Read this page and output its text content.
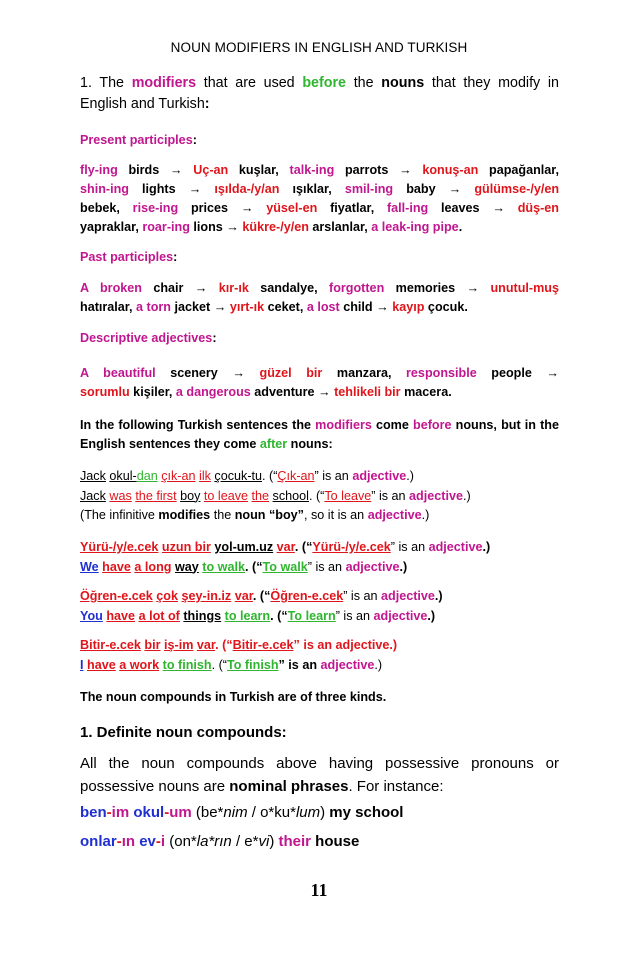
NOUN MODIFIERS IN ENGLISH AND TURKISH
1. The modifiers that are used before the nouns that they modify in English and Turkish:
Present participles:
fly-ing birds → Uç-an kuşlar, talk-ing parrots → konuş-an papağanlar,
shin-ing lights → ışılda-/y/an ışıklar, smil-ing baby → gülümse-/y/en
bebek, rise-ing prices → yüsel-en fiyatlar, fall-ing leaves → düş-en
yapraklar, roar-ing lions → kükre-/y/en arslanlar, a leak-ing pipe.
Past participles:
A broken chair → kır-ık sandalye, forgotten memories → unutul-muş
hatıralar, a torn jacket → yırt-ık ceket, a lost child → kayıp çocuk.
Descriptive adjectives:
A beautiful scenery → güzel bir manzara, responsible people →
sorumlu kişiler, a dangerous adventure → tehlikeli bir macera.
In the following Turkish sentences the modifiers come before nouns, but in the English sentences they come after nouns:
Jack okul-dan çık-an ilk çocuk-tu. (“Çık-an” is an adjective.)
Jack was the first boy to leave the school. (“To leave” is an adjective.)
(The infinitive modifies the noun “boy”, so it is an adjective.)
Yürü-/y/e.cek uzun bir yol-um.uz var. (“Yürü-/y/e.cek” is an adjective.)
We have a long way to walk. (“To walk” is an adjective.)
Öğren-e.cek çok şey-in.iz var. (“Öğren-e.cek” is an adjective.)
You have a lot of things to learn. (“To learn” is an adjective.)
Bitir-e.cek bir iş-im var. (“Bitir-e.cek” is an adjective.)
I have a work to finish. (“To finish” is an adjective.)
The noun compounds in Turkish are of three kinds.
1. Definite noun compounds:
All the noun compounds above having possessive pronouns or possessive nouns are nominal phrases. For instance:
ben-im okul-um (be*nim / o*ku*lum) my school
onlar-ın ev-i (on*la*rın / e*vi) their house
11
